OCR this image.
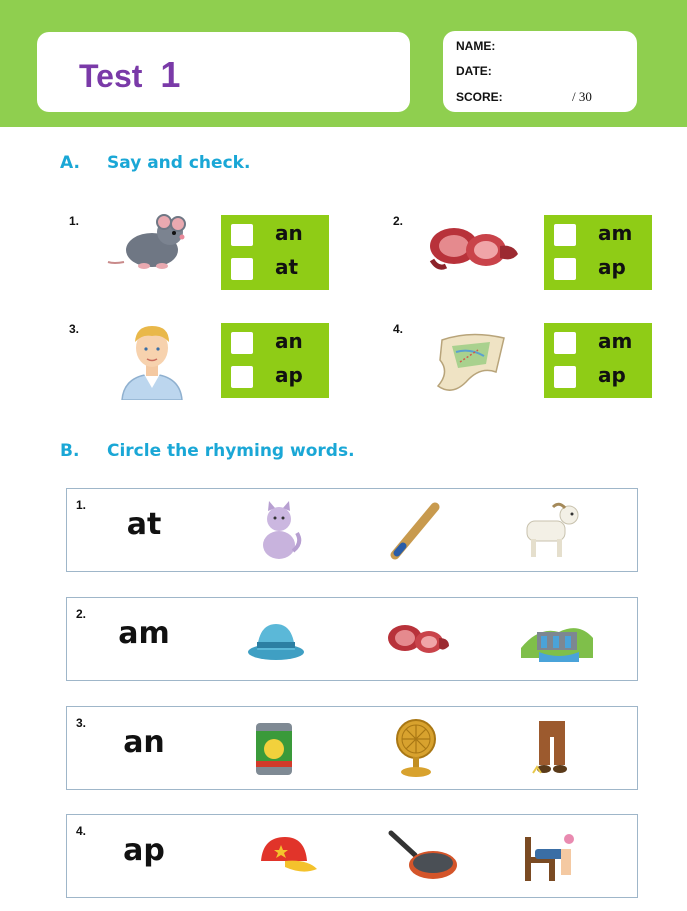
Test 1
NAME:
DATE:
SCORE:	/ 30
A. Say and check.
1.	an
at
2.	am
ap
3.	an
ap
4.	am
ap
B. Circle the rhyming words.
1.
at
2.
am
3.
an
4.
ap
